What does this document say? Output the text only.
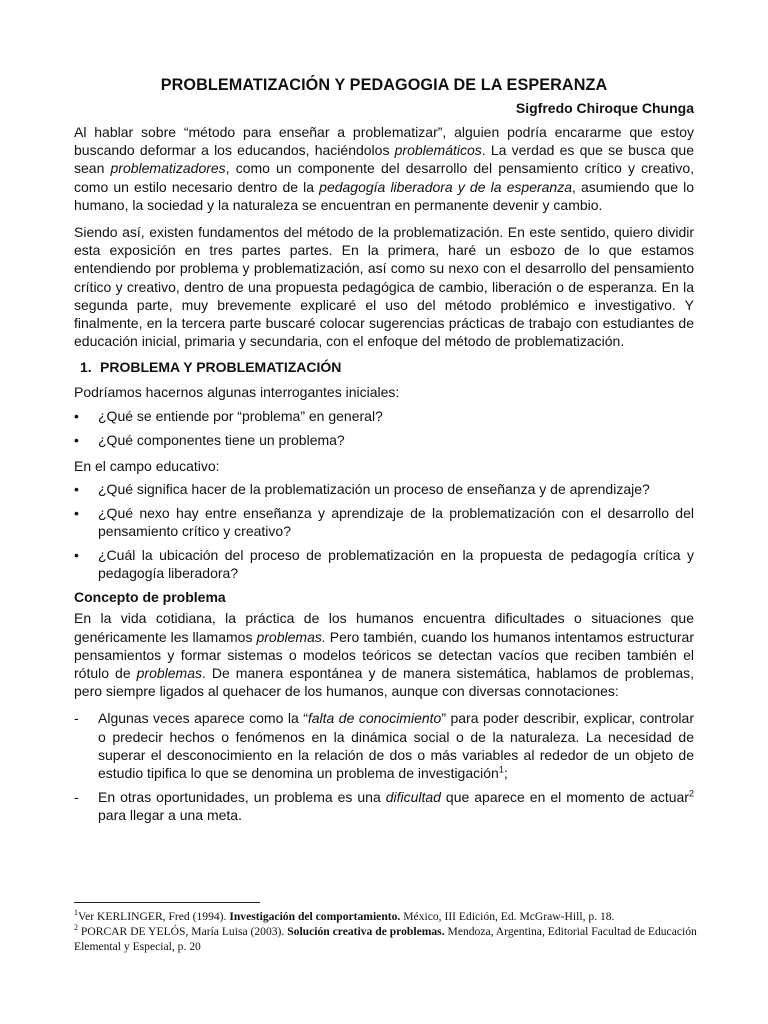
PROBLEMATIZACIÓN Y PEDAGOGIA DE LA ESPERANZA
Sigfredo Chiroque Chunga

Al hablar sobre “método para enseñar a problematizar”, alguien podría encararme que estoy buscando deformar a los educandos, haciéndolos problemáticos. La verdad es que se busca que sean problematizadores, como un componente del desarrollo del pensamiento crítico y creativo, como un estilo necesario dentro de la pedagogía liberadora y de la esperanza, asumiendo que lo humano, la sociedad y la naturaleza se encuentran en permanente devenir y cambio.

Siendo así, existen fundamentos del método de la problematización. En este sentido, quiero dividir esta exposición en tres partes partes. En la primera, haré un esbozo de lo que estamos entendiendo por problema y problematización, así como su nexo con el desarrollo del pensamiento crítico y creativo, dentro de una propuesta pedagógica de cambio, liberación o de esperanza. En la segunda parte, muy brevemente explicaré el uso del método problémico e investigativo. Y finalmente, en la tercera parte buscaré colocar sugerencias prácticas de trabajo con estudiantes de educación inicial, primaria y secundaria, con el enfoque del método de problematización.

1. PROBLEMA Y PROBLEMATIZACIÓN

Podríamos hacernos algunas interrogantes iniciales:

•	¿Qué se entiende por “problema” en general?
•	¿Qué componentes tiene un problema?

En el campo educativo:

•	¿Qué significa hacer de la problematización un proceso de enseñanza y de aprendizaje?
•	¿Qué nexo hay entre enseñanza y aprendizaje de la problematización con el desarrollo del pensamiento crítico y creativo?
•	¿Cuál la ubicación del proceso de problematización en la propuesta de pedagogía crítica y pedagogía liberadora?
Concepto de problema

En la vida cotidiana, la práctica de los humanos encuentra dificultades o situaciones que genéricamente les llamamos problemas. Pero también, cuando los humanos intentamos estructurar pensamientos y formar sistemas o modelos teóricos se detectan vacíos que reciben también el rótulo de problemas. De manera espontánea y de manera sistemática, hablamos de problemas, pero siempre ligados al quehacer de los humanos, aunque con diversas connotaciones:

- Algunas veces aparece como la “falta de conocimiento” para poder describir, explicar, controlar o predecir hechos o fenómenos en la dinámica social o de la naturaleza. La necesidad de superar el desconocimiento en la relación de dos o más variables al rededor de un objeto de estudio tipifica lo que se denomina un problema de investigación$^1$;
- En otras oportunidades, un problema es una dificultad que aparece en el momento de actuar$^2$ para llegar a una meta.
$^1$Ver KERLINGER, Fred (1994). Investigación del comportamiento. México, III Edición, Ed. McGraw-Hill, p. 18.
$^2$ PORCAR DE YELÓS, María Luisa (2003). Solución creativa de problemas. Mendoza, Argentina, Editorial Facultad de Educación Elemental y Especial, p. 20
